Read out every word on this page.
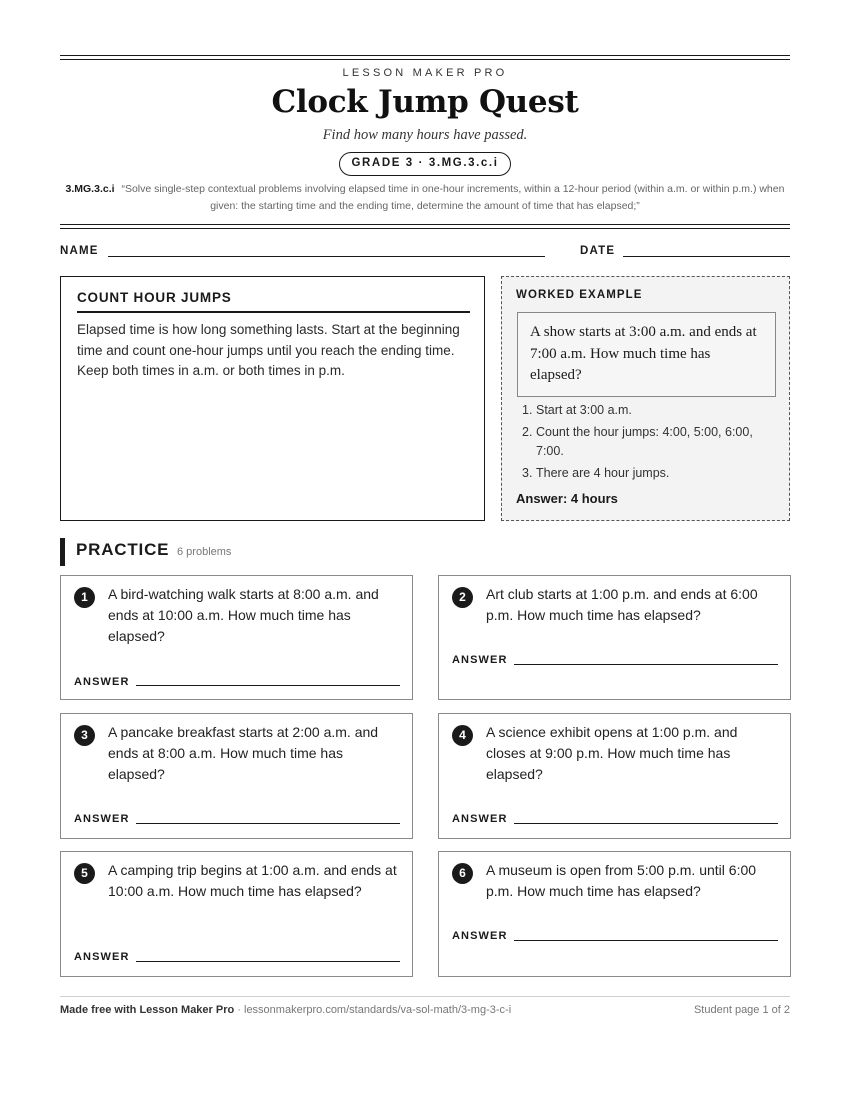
LESSON MAKER PRO
Clock Jump Quest
Find how many hours have passed.
GRADE 3 · 3.MG.3.c.i
3.MG.3.c.i “Solve single-step contextual problems involving elapsed time in one-hour increments, within a 12-hour period (within a.m. or within p.m.) when given: the starting time and the ending time, determine the amount of time that has elapsed;”
NAME	DATE
COUNT HOUR JUMPS
Elapsed time is how long something lasts. Start at the beginning time and count one-hour jumps until you reach the ending time. Keep both times in a.m. or both times in p.m.
WORKED EXAMPLE
A show starts at 3:00 a.m. and ends at 7:00 a.m. How much time has elapsed?
1. Start at 3:00 a.m.
2. Count the hour jumps: 4:00, 5:00, 6:00, 7:00.
3. There are 4 hour jumps.
Answer: 4 hours
PRACTICE 6 problems
1	A bird-watching walk starts at 8:00 a.m. and ends at 10:00 a.m. How much time has elapsed?
ANSWER
2	Art club starts at 1:00 p.m. and ends at 6:00 p.m. How much time has elapsed?
ANSWER
3	A pancake breakfast starts at 2:00 a.m. and ends at 8:00 a.m. How much time has elapsed?
ANSWER
4	A science exhibit opens at 1:00 p.m. and closes at 9:00 p.m. How much time has elapsed?
ANSWER
5	A camping trip begins at 1:00 a.m. and ends at 10:00 a.m. How much time has elapsed?
ANSWER
6	A museum is open from 5:00 p.m. until 6:00 p.m. How much time has elapsed?
ANSWER
Made free with Lesson Maker Pro · lessonmakerpro.com/standards/va-sol-math/3-mg-3-c-i	Student page 1 of 2
